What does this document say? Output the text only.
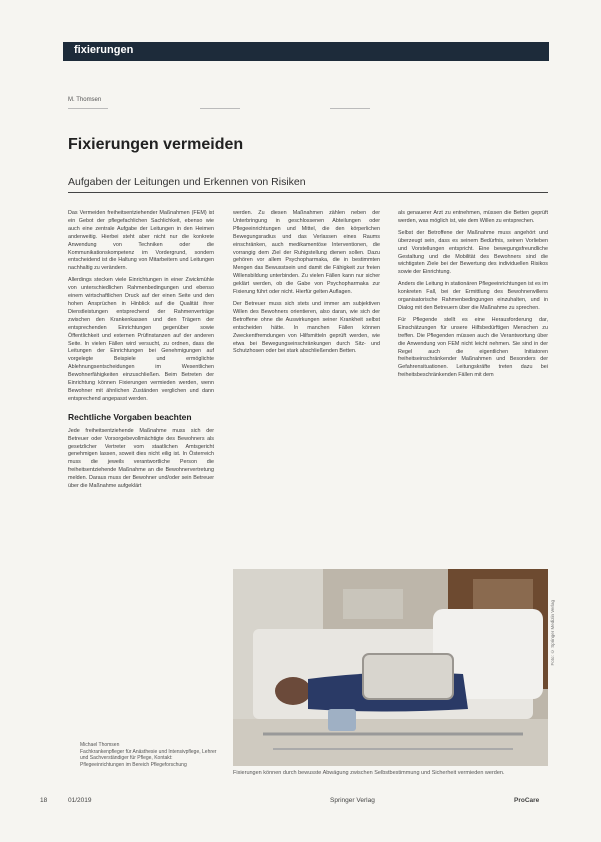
fixierungen
M. Thomsen
Fixierungen vermeiden
Aufgaben der Leitungen und Erkennen von Risiken

Das Vermeiden freiheitsentziehender Maßnahmen (FEM) ist ein Gebot der pflegefachlichen Sachlichkeit, ebenso wie auch eine zentrale Aufgabe der Leitungen in den Heimen anderweitig. Hierbei steht aber nicht nur die konkrete Anwendung von Techniken oder die Kommunikationskompetenz im Vordergrund, sondern entscheidend ist die Haltung von Mitarbeitern und Leitungen nachhaltig zu verändern.

Allerdings stecken viele Einrichtungen in einer Zwickmühle von unterschiedlichen Rahmenbedingungen und ebenso einem wirtschaftlichen Druck auf der einen Seite und den hohen Ansprüchen in Hinblick auf die Qualität ihrer Dienstleistungen entsprechend der Rahmenverträge zwischen den Krankenkassen und den Trägern der entsprechenden Einrichtungen gegenüber sowie Öffentlichkeit und externen Prüfinstanzen auf der anderen Seite. In vielen Fällen wird versucht, zu ordnen, dass die Leitungen der Einrichtungen bei Genehmigungen auf vorgelegte Beispiele und ermöglichte Ablehnungsentscheidungen im Wesentlichen Bewohnerfähigkeiten einzuschließen. Beim Betreten der Einrichtung können Fixierungen vermieden werden, wenn Bewohner mit ähnlichen Zuständen verglichen und dann entsprechend angepasst werden.

Rechtliche Vorgaben beachten

Jede freiheitsentziehende Maßnahme muss sich der Betreuer oder Vorsorgebevollmächtigte des Bewohners als gesetzlicher Vertreter vom staatlichen Amtsgericht genehmigen lassen, soweit dies nicht eilig ist. In Österreich muss die jeweils verantwortliche Person die freiheitsentziehende Maßnahme an die Bewohnervertretung melden. Daraus muss der Bewohner und/oder sein Betreuer über die Maßnahme aufgeklärt

Michael Thomsen
Fachkrankenpfleger für Anästhesie und Intensivpflege, Lehrer und Sachverständiger für Pflege, Kontakt:
Pflegeeinrichtungen im Bereich Pflegeforschung

werden. Zu diesen Maßnahmen zählen neben der Unterbringung in geschlossenen Abteilungen oder Pflegeeinrichtungen und Mittel, die den körperlichen Bewegungsradius und das Verlassen eines Raums einschränken, auch medikamentöse Interventionen, die vorrangig dem Ziel der Ruhigstellung dienen sollen. Dazu gehören vor allem Psychopharmaka, die in bestimmten Mengen das Bewusstsein und damit die Fähigkeit zur freien Willensbildung unterbinden. Zu vielen Fällen kann nur sicher geklärt werden, ob die Gabe von Psychopharmaka zur Fixierung führt oder nicht. Hierfür gelten Auflagen.

Der Betreuer muss sich stets und immer am subjektiven Willen des Bewohners orientieren, also daran, wie sich der Betroffene ohne die Auswirkungen seiner Krankheit selbst entscheiden hätte. In manchen Fällen können Zweckentfremdungen von Hilfsmitteln geprüft werden, wie etwa bei Bewegungseinschränkungen durch Sitz- und Schutzhosen oder bei stark abschließenden Betten.

als genauerer Arzt zu entnehmen, müssen die Betten geprüft werden, was möglich ist, wie dem Willen zu entsprechen.

Selbst der Betroffene der Maßnahme muss angehört und überzeugt sein, dass es seinem Bedürfnis, seinen Vorlieben und Vorstellungen entspricht. Eine bewegungsfreundliche Gestaltung und die Mobilität des Bewohners sind die wichtigsten Ziele bei der Bewertung des individuellen Risikos sowie der Einrichtung.

Anders die Leitung in stationären Pflegeeinrichtungen ist es im konkreten Fall, bei der Ermittlung des Bewohnerwillens organisatorische Rahmenbedingungen einzuhalten, und in Dialog mit den Betreuern über die Maßnahme zu sprechen.

Für Pflegende stellt es eine Herausforderung dar, Einschätzungen für unsere Hilfsbedürftigen Menschen zu treffen. Die Pflegenden müssen auch die Verantwortung über die Anwendung von FEM nicht leicht nehmen. Sie sind in der Regel auch die eigentlichen Initiatoren freiheitseinschränkender Maßnahmen und Besonders der Gefahrensituationen. Leitungskräfte treten dazu bei freiheitsbeschränkenden Fällen mit dem

Foto: © Springer Medizin Verlag
Fixierungen können durch bewusste Abwägung zwischen Selbstbestimmung und Sicherheit vermieden werden.
18	01/2019	Springer Verlag	ProCare
